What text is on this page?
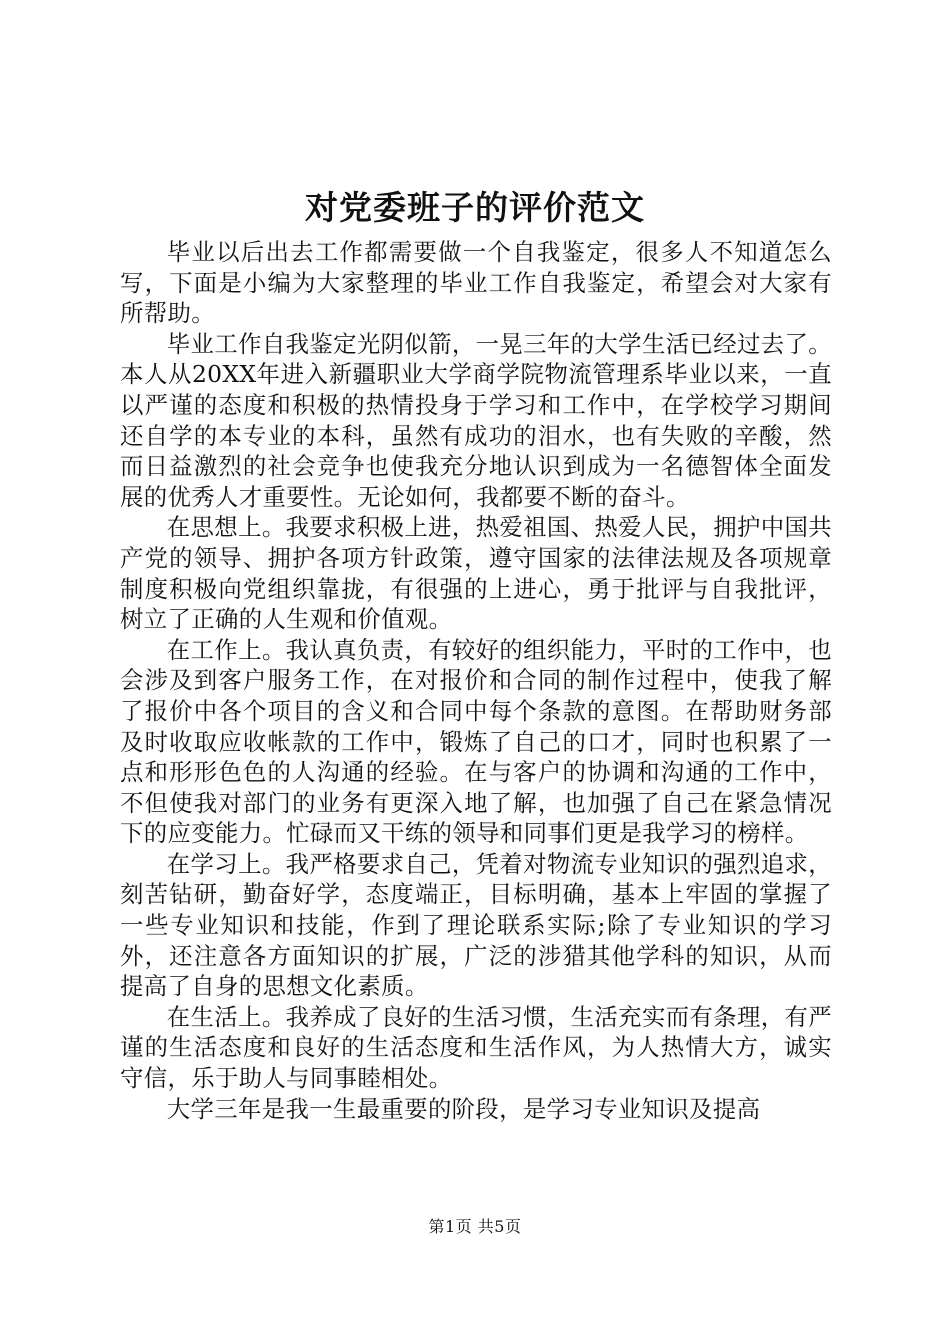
对党委班子的评价范文

毕业以后出去工作都需要做一个自我鉴定，很多人不知道怎么写，下面是小编为大家整理的毕业工作自我鉴定，希望会对大家有所帮助。

毕业工作自我鉴定光阴似箭，一晃三年的大学生活已经过去了。本人从20XX年进入新疆职业大学商学院物流管理系毕业以来，一直以严谨的态度和积极的热情投身于学习和工作中，在学校学习期间还自学的本专业的本科，虽然有成功的泪水，也有失败的辛酸，然而日益激烈的社会竞争也使我充分地认识到成为一名德智体全面发展的优秀人才重要性。无论如何，我都要不断的奋斗。

在思想上。我要求积极上进，热爱祖国、热爱人民，拥护中国共产党的领导、拥护各项方针政策，遵守国家的法律法规及各项规章制度积极向党组织靠拢，有很强的上进心，勇于批评与自我批评，树立了正确的人生观和价值观。

在工作上。我认真负责，有较好的组织能力，平时的工作中，也会涉及到客户服务工作，在对报价和合同的制作过程中，使我了解了报价中各个项目的含义和合同中每个条款的意图。在帮助财务部及时收取应收帐款的工作中，锻炼了自己的口才，同时也积累了一点和形形色色的人沟通的经验。在与客户的协调和沟通的工作中，不但使我对部门的业务有更深入地了解，也加强了自己在紧急情况下的应变能力。忙碌而又干练的领导和同事们更是我学习的榜样。

在学习上。我严格要求自己，凭着对物流专业知识的强烈追求，刻苦钻研，勤奋好学，态度端正，目标明确，基本上牢固的掌握了一些专业知识和技能，作到了理论联系实际;除了专业知识的学习外，还注意各方面知识的扩展，广泛的涉猎其他学科的知识，从而提高了自身的思想文化素质。

在生活上。我养成了良好的生活习惯，生活充实而有条理，有严谨的生活态度和良好的生活态度和生活作风，为人热情大方，诚实守信，乐于助人与同事睦相处。

大学三年是我一生最重要的阶段，是学习专业知识及提高

第1页 共5页
